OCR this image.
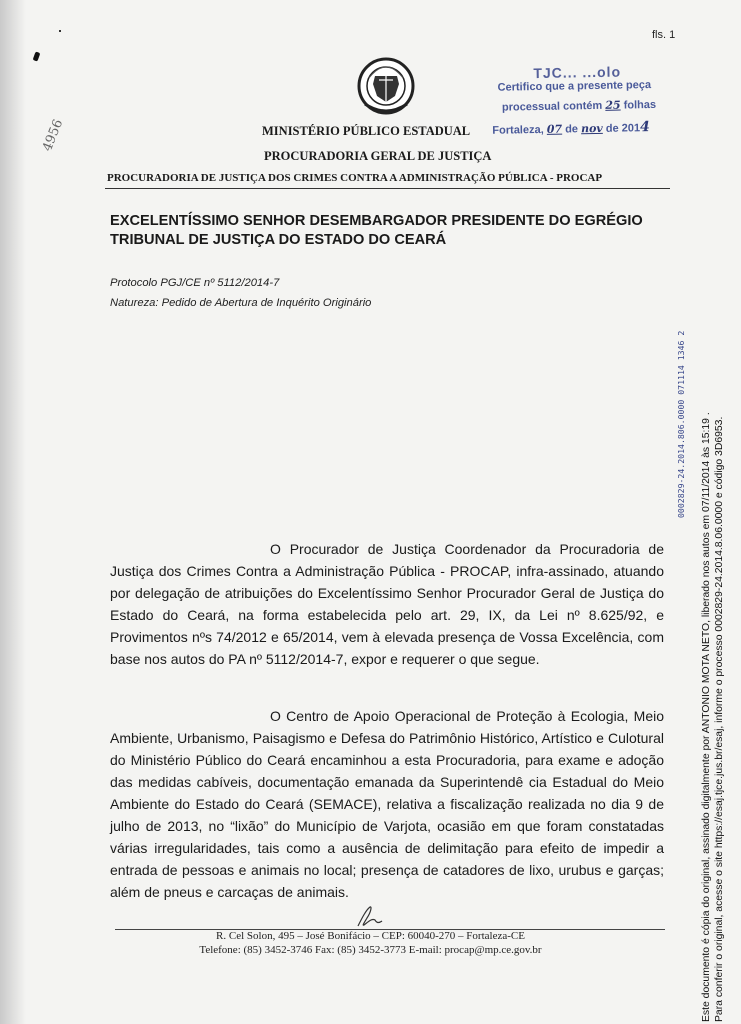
fls. 1
4956	MINISTÉRIO PÚBLICO ESTADUAL
PROCURADORIA GERAL DE JUSTIÇA
PROCURADORIA DE JUSTIÇA DOS CRIMES CONTRA A ADMINISTRAÇÃO PÚBLICA - PROCAP
TJC... ...olo
Certifico que a presente peça
processual contém 25 folhas
Fortaleza, 07 de nov de 2014
EXCELENTÍSSIMO SENHOR DESEMBARGADOR PRESIDENTE DO EGRÉGIO TRIBUNAL DE JUSTIÇA DO ESTADO DO CEARÁ
Protocolo PGJ/CE nº 5112/2014-7
Natureza: Pedido de Abertura de Inquérito Originário
0002829-24.2014.806.0000 071114 1346 2
O Procurador de Justiça Coordenador da Procuradoria de Justiça dos Crimes Contra a Administração Pública - PROCAP, infra-assinado, atuando por delegação de atribuições do Excelentíssimo Senhor Procurador Geral de Justiça do Estado do Ceará, na forma estabelecida pelo art. 29, IX, da Lei nº 8.625/92, e Provimentos nºs 74/2012 e 65/2014, vem à elevada presença de Vossa Excelência, com base nos autos do PA nº 5112/2014-7, expor e requerer o que segue.
O Centro de Apoio Operacional de Proteção à Ecologia, Meio Ambiente, Urbanismo, Paisagismo e Defesa do Patrimônio Histórico, Artístico e Culotural do Ministério Público do Ceará encaminhou a esta Procuradoria, para exame e adoção das medidas cabíveis, documentação emanada da Superintendê cia Estadual do Meio Ambiente do Estado do Ceará (SEMACE), relativa a fiscalização realizada no dia 9 de julho de 2013, no “lixão” do Município de Varjota, ocasião em que foram constatadas várias irregularidades, tais como a ausência de delimitação para efeito de impedir a entrada de pessoas e animais no local; presença de catadores de lixo, urubus e garças; além de pneus e carcaças de animais.
R. Cel Solon, 495 – José Bonifácio – CEP: 60040-270 – Fortaleza-CE
Telefone: (85) 3452-3746 Fax: (85) 3452-3773 E-mail: procap@mp.ce.gov.br	Este documento é cópia do original, assinado digitalmente por ANTONIO MOTA NETO, liberado nos autos em 07/11/2014 às 15:19 . Para conferir o original, acesse o site https://esaj.tjce.jus.br/esaj, informe o processo 0002829-24.2014.8.06.0000 e código 3D6953.
